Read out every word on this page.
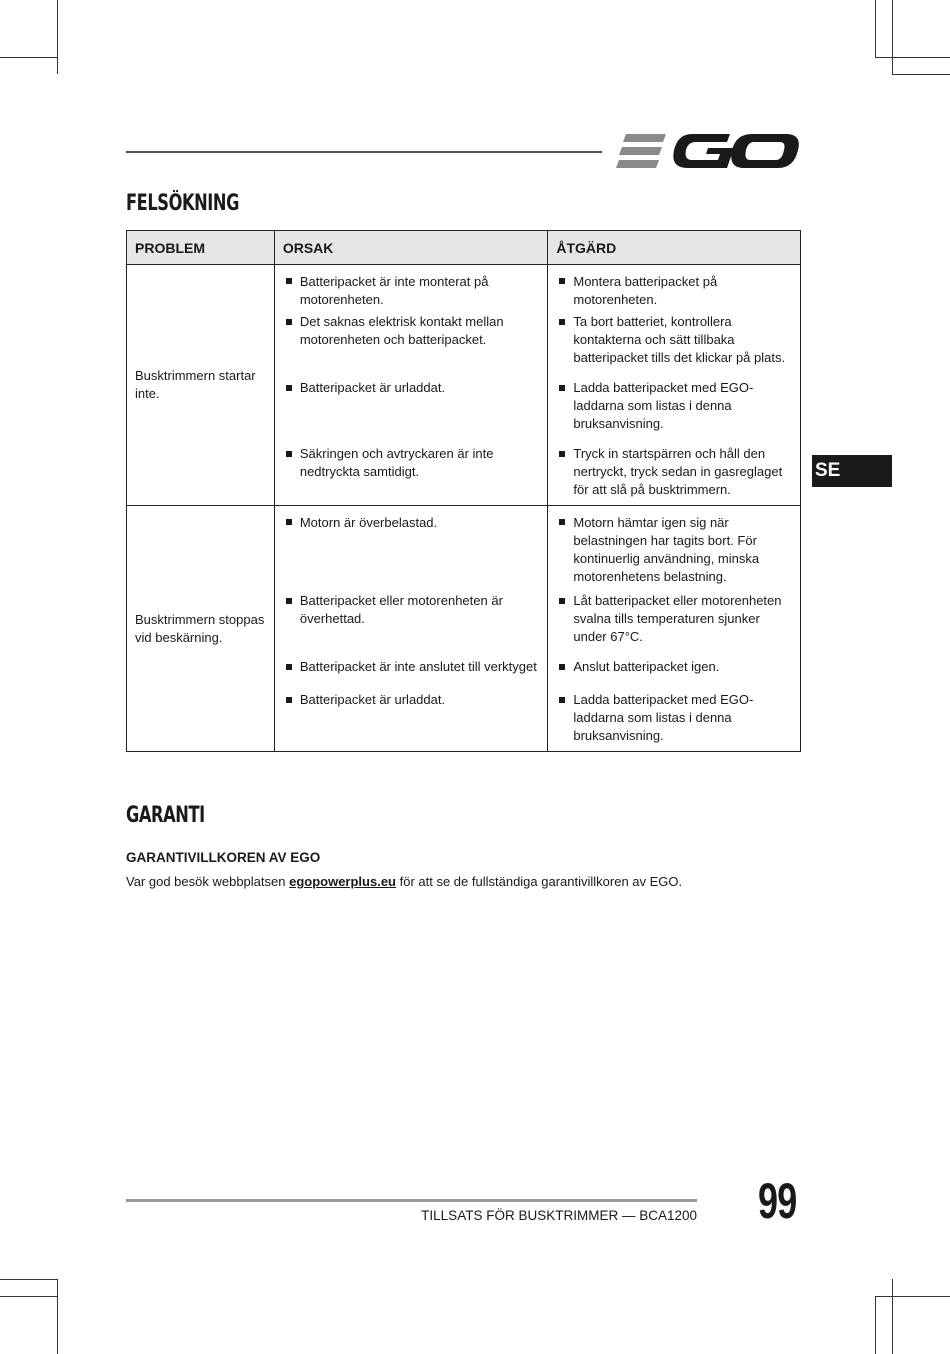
FELSÖKNING
PROBLEM	ORSAK	ÅTGÄRD
Busktrimmern startar inte.	Batteripacket är inte monterat på motorenheten.	Montera batteripacket på motorenheten.

Det saknas elektrisk kontakt mellan motorenheten och batteripacket.	Ta bort batteriet, kontrollera kontakterna och sätt tillbaka batteripacket tills det klickar på plats.

Batteripacket är urladdat.	Ladda batteripacket med EGO-laddarna som listas i denna bruksanvisning.

Säkringen och avtryckaren är inte nedtryckta samtidigt.	Tryck in startspärren och håll den nertryckt, tryck sedan in gasreglaget för att slå på busktrimmern.

Busktrimmern stoppas vid beskärning.	Motorn är överbelastad.	Motorn hämtar igen sig när belastningen har tagits bort. För kontinuerlig användning, minska motorenhetens belastning.

Batteripacket eller motorenheten är överhettad.	Låt batteripacket eller motorenheten svalna tills temperaturen sjunker under 67°C.

Batteripacket är inte anslutet till verktyget	Anslut batteripacket igen.

Batteripacket är urladdat.	Ladda batteripacket med EGO-laddarna som listas i denna bruksanvisning.
GARANTI

GARANTIVILLKOREN AV EGO

Var god besök webbplatsen egopowerplus.eu för att se de fullständiga garantivillkoren av EGO.

SE
TILLSATS FÖR BUSKTRIMMER — BCA1200 99
